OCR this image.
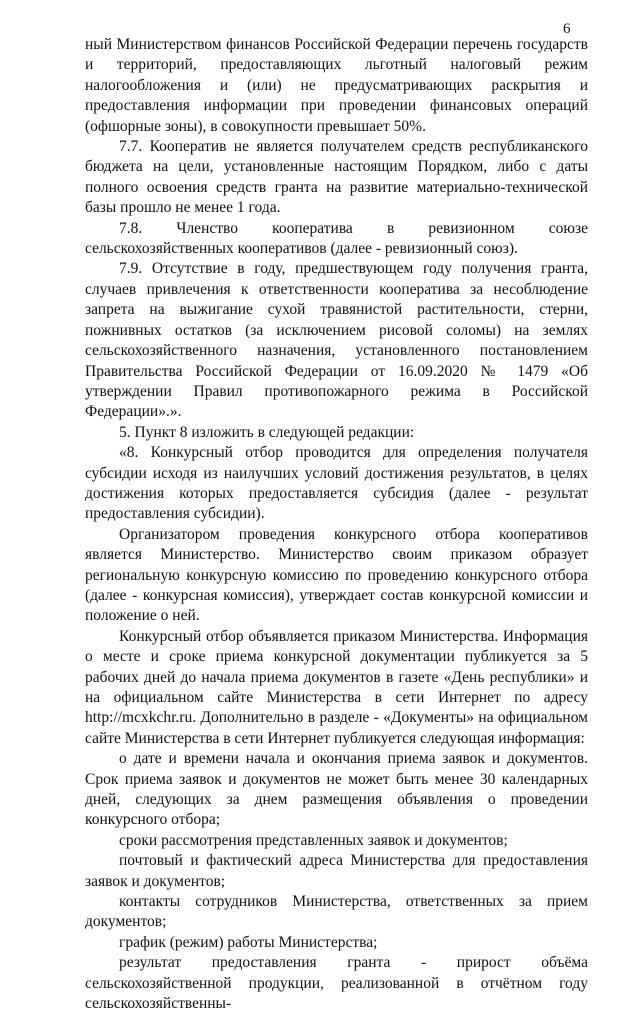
6

ный Министерством финансов Российской Федерации перечень государств и территорий, предоставляющих льготный налоговый режим налогообложения и (или) не предусматривающих раскрытия и предоставления информации при проведении финансовых операций (офшорные зоны), в совокупности превышает 50%.

7.7. Кооператив не является получателем средств республиканского бюджета на цели, установленные настоящим Порядком, либо с даты полного освоения средств гранта на развитие материально-технической базы прошло не менее 1 года.

7.8. Членство кооператива в ревизионном союзе сельскохозяйственных кооперативов (далее - ревизионный союз).

7.9. Отсутствие в году, предшествующем году получения гранта, случаев привлечения к ответственности кооператива за несоблюдение запрета на выжигание сухой травянистой растительности, стерни, пожнивных остатков (за исключением рисовой соломы) на землях сельскохозяйственного назначения, установленного постановлением Правительства Российской Федерации от 16.09.2020 № 1479 «Об утверждении Правил противопожарного режима в Российской Федерации».».

5. Пункт 8 изложить в следующей редакции:

«8. Конкурсный отбор проводится для определения получателя субсидии исходя из наилучших условий достижения результатов, в целях достижения которых предоставляется субсидия (далее - результат предоставления субсидии).

Организатором проведения конкурсного отбора кооперативов является Министерство. Министерство своим приказом образует региональную конкурсную комиссию по проведению конкурсного отбора (далее - конкурсная комиссия), утверждает состав конкурсной комиссии и положение о ней.

Конкурсный отбор объявляется приказом Министерства. Информация о месте и сроке приема конкурсной документации публикуется за 5 рабочих дней до начала приема документов в газете «День республики» и на официальном сайте Министерства в сети Интернет по адресу http://mcxkchr.ru. Дополнительно в разделе - «Документы» на официальном сайте Министерства в сети Интернет публикуется следующая информация:

о дате и времени начала и окончания приема заявок и документов. Срок приема заявок и документов не может быть менее 30 календарных дней, следующих за днем размещения объявления о проведении конкурсного отбора;

сроки рассмотрения представленных заявок и документов;

почтовый и фактический адреса Министерства для предоставления заявок и документов;

контакты сотрудников Министерства, ответственных за прием документов;

график (режим) работы Министерства;

результат предоставления гранта - прирост объёма сельскохозяйственной продукции, реализованной в отчётном году сельскохозяйственны-
